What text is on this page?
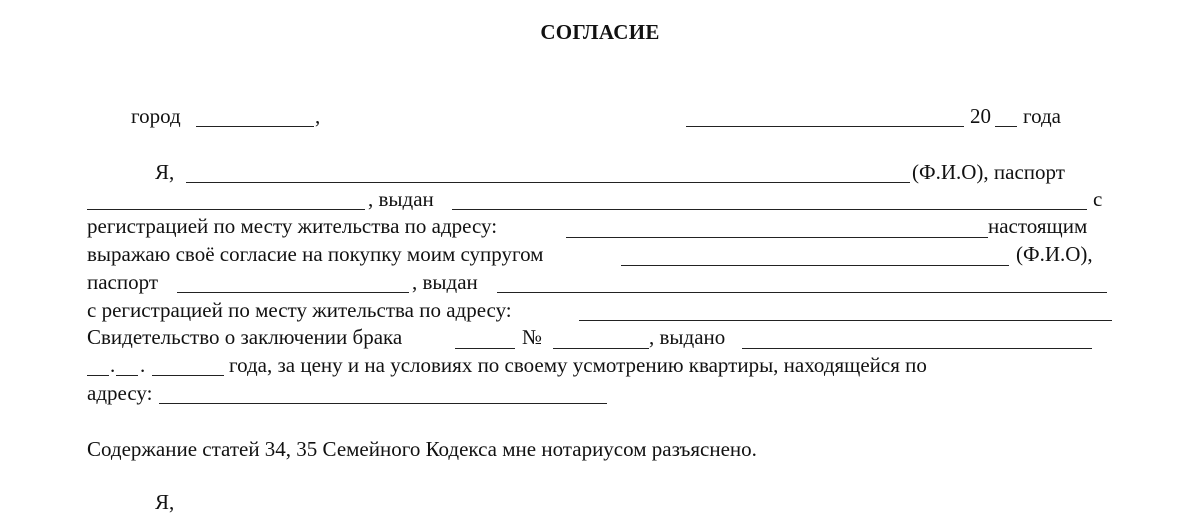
СОГЛАСИЕ
город	,	20 года
Я,	(Ф.И.О), паспорт
, выдан	с
регистрацией по месту жительства по адресу:	настоящим
выражаю своё согласие на покупку моим супругом	(Ф.И.О),
паспорт	, выдан
с регистрацией по месту жительства по адресу:
Свидетельство о заключении брака	№	, выдано
. .	года, за цену и на условиях по своему усмотрению квартиры, находящейся по
адресу:
Содержание статей 34, 35 Семейного Кодекса мне нотариусом разъяснено.
Я,
